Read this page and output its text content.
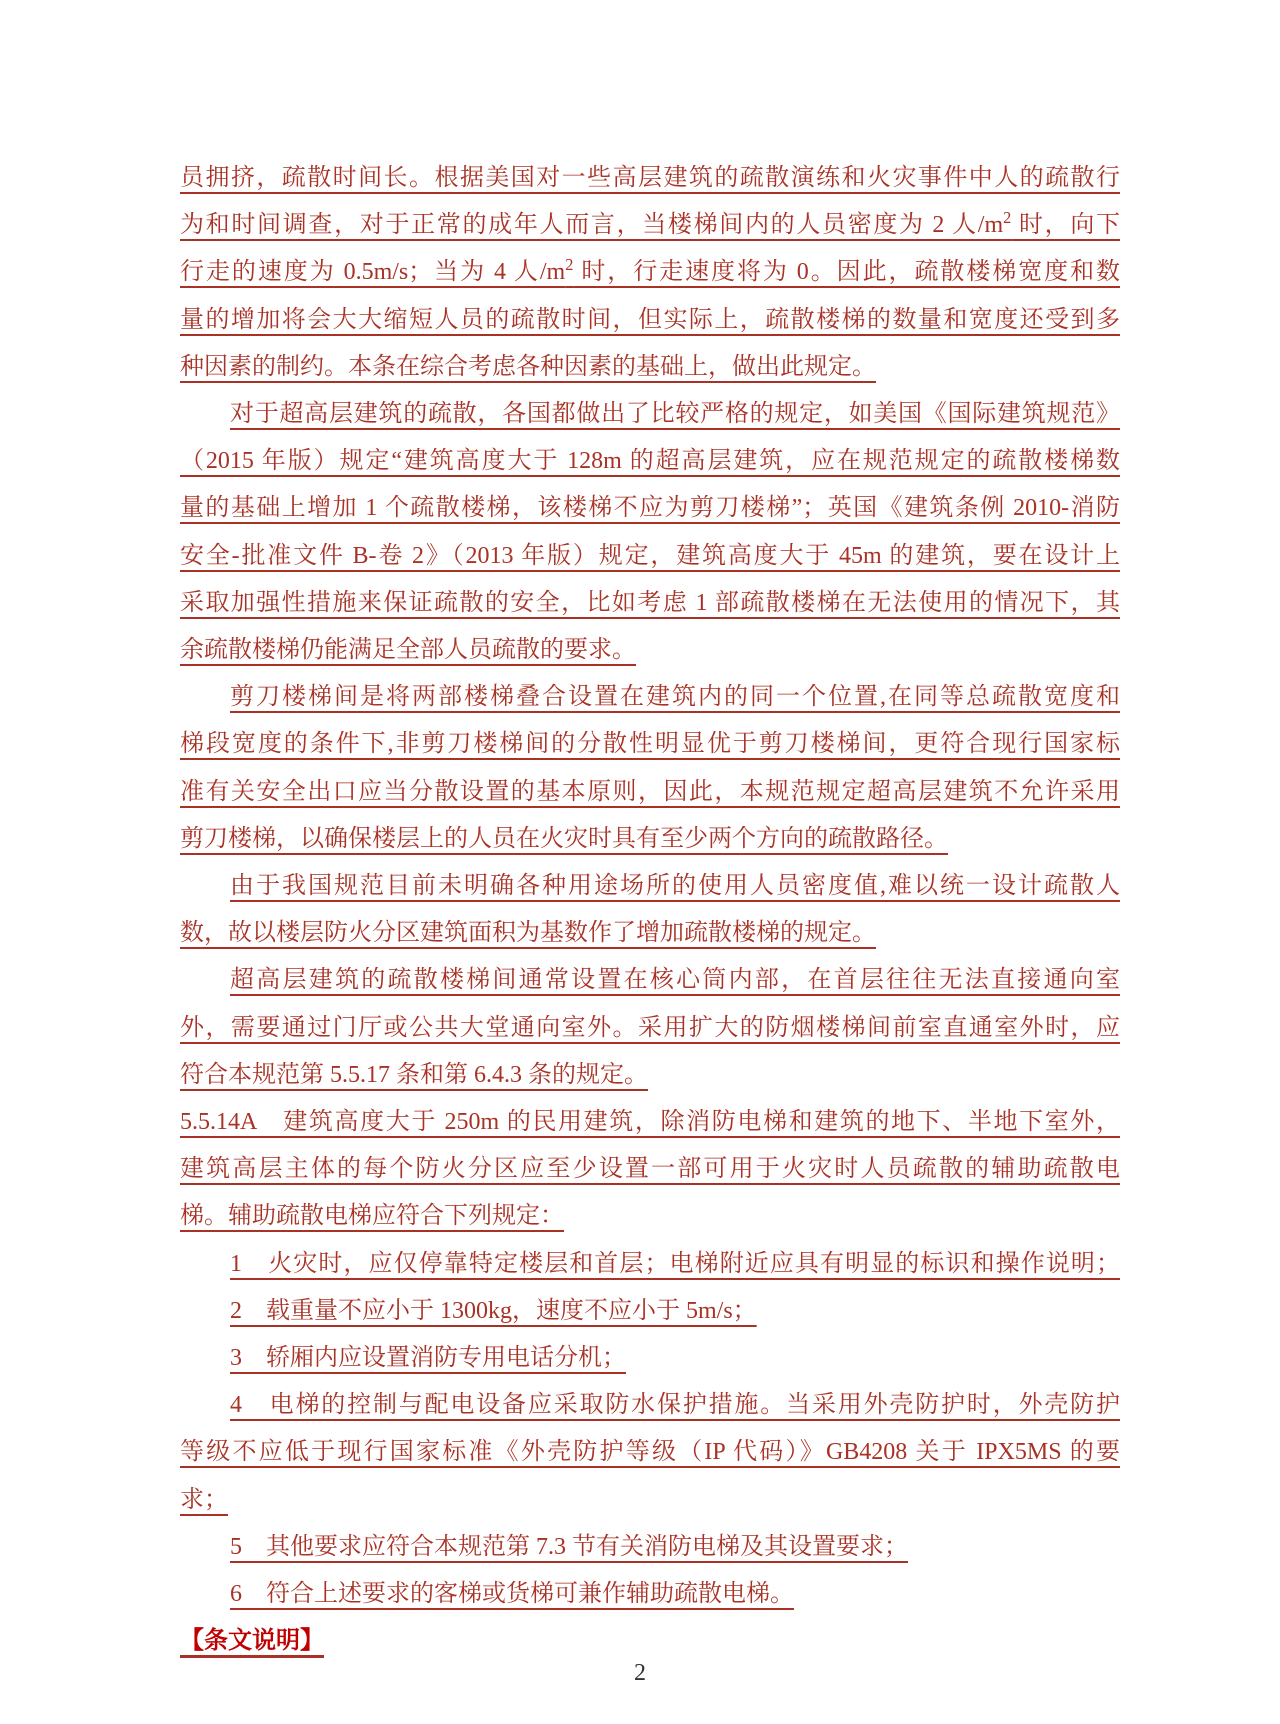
员拥挤，疏散时间长。根据美国对一些高层建筑的疏散演练和火灾事件中人的疏散行
为和时间调查，对于正常的成年人而言，当楼梯间内的人员密度为 2 人$/m^2$ 时，向下
行走的速度为 0.5m/s；当为 4 人$/m^2$ 时，行走速度将为 0。因此，疏散楼梯宽度和数
量的增加将会大大缩短人员的疏散时间，但实际上，疏散楼梯的数量和宽度还受到多
种因素的制约。本条在综合考虑各种因素的基础上，做出此规定。
对于超高层建筑的疏散，各国都做出了比较严格的规定，如美国《国际建筑规范》
（2015 年版）规定“建筑高度大于 128m 的超高层建筑，应在规范规定的疏散楼梯数
量的基础上增加 1 个疏散楼梯，该楼梯不应为剪刀楼梯”；英国《建筑条例 2010-消防
安全-批准文件 B-卷 2》（2013 年版）规定，建筑高度大于 45m 的建筑，要在设计上
采取加强性措施来保证疏散的安全，比如考虑 1 部疏散楼梯在无法使用的情况下，其
余疏散楼梯仍能满足全部人员疏散的要求。
剪刀楼梯间是将两部楼梯叠合设置在建筑内的同一个位置,在同等总疏散宽度和
梯段宽度的条件下,非剪刀楼梯间的分散性明显优于剪刀楼梯间，更符合现行国家标
准有关安全出口应当分散设置的基本原则，因此，本规范规定超高层建筑不允许采用
剪刀楼梯，以确保楼层上的人员在火灾时具有至少两个方向的疏散路径。
由于我国规范目前未明确各种用途场所的使用人员密度值,难以统一设计疏散人
数，故以楼层防火分区建筑面积为基数作了增加疏散楼梯的规定。
超高层建筑的疏散楼梯间通常设置在核心筒内部，在首层往往无法直接通向室
外，需要通过门厅或公共大堂通向室外。采用扩大的防烟楼梯间前室直通室外时，应
符合本规范第 5.5.17 条和第 6.4.3 条的规定。
5.5.14A　建筑高度大于 250m 的民用建筑，除消防电梯和建筑的地下、半地下室外，
建筑高层主体的每个防火分区应至少设置一部可用于火灾时人员疏散的辅助疏散电
梯。辅助疏散电梯应符合下列规定：
1　火灾时，应仅停靠特定楼层和首层；电梯附近应具有明显的标识和操作说明；
2　载重量不应小于 1300kg，速度不应小于 5m/s；
3　轿厢内应设置消防专用电话分机；
4　电梯的控制与配电设备应采取防水保护措施。当采用外壳防护时，外壳防护
等级不应低于现行国家标准《外壳防护等级（IP 代码）》GB4208 关于 IPX5MS 的要
求；
5　其他要求应符合本规范第 7.3 节有关消防电梯及其设置要求；
6　符合上述要求的客梯或货梯可兼作辅助疏散电梯。
【条文说明】
2
